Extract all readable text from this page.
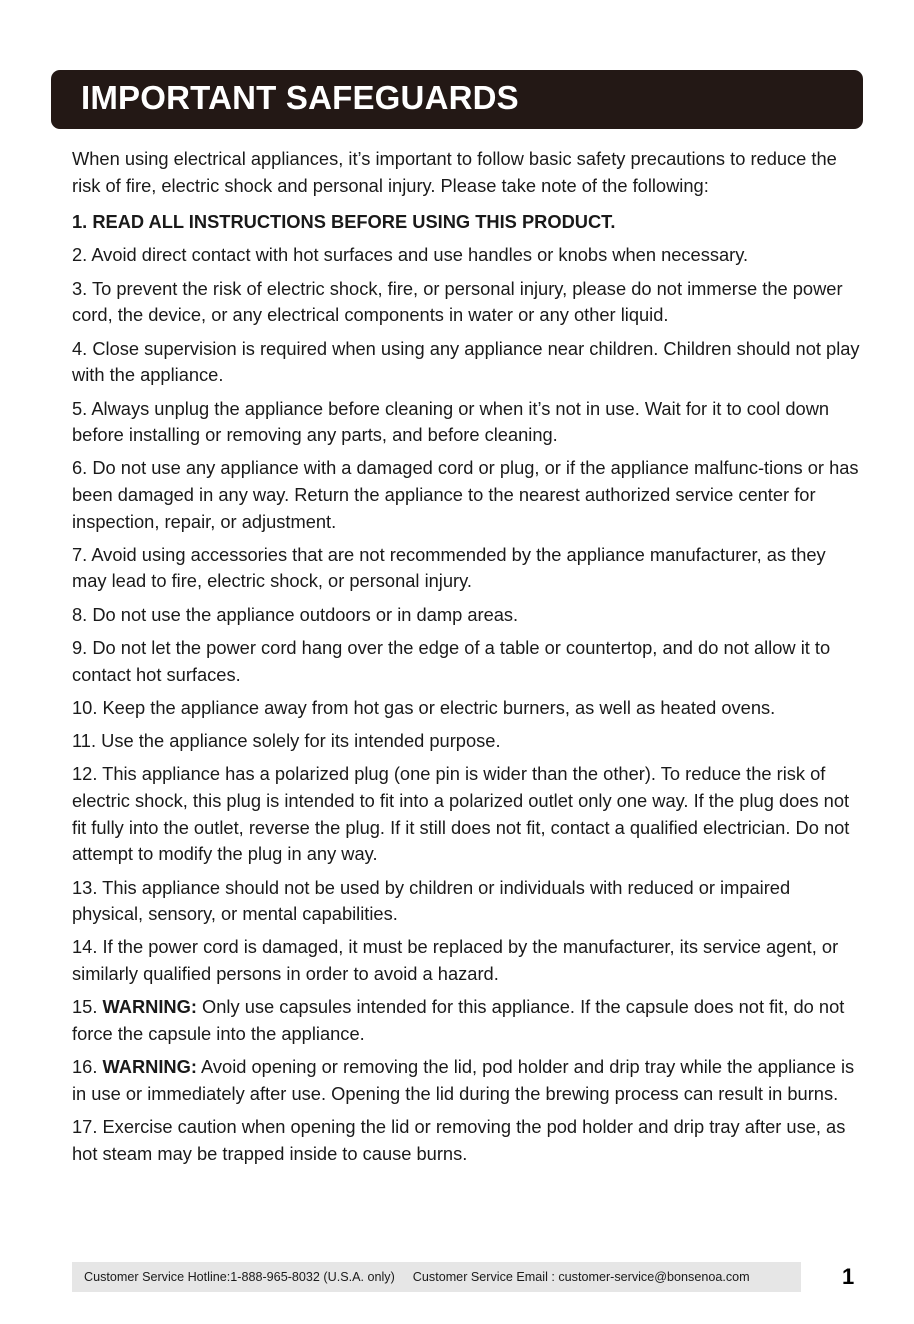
IMPORTANT SAFEGUARDS

When using electrical appliances, it’s important to follow basic safety precautions to reduce the risk of fire, electric shock and personal injury. Please take note of the following:

1. READ ALL INSTRUCTIONS BEFORE USING THIS PRODUCT.

2. Avoid direct contact with hot surfaces and use handles or knobs when necessary.

3. To prevent the risk of electric shock, fire, or personal injury, please do not immerse the power cord, the device, or any electrical components in water or any other liquid.

4. Close supervision is required when using any appliance near children. Children should not play with the appliance.

5. Always unplug the appliance before cleaning or when it’s not in use. Wait for it to cool down before installing or removing any parts, and before cleaning.

6. Do not use any appliance with a damaged cord or plug, or if the appliance malfunc-tions or has been damaged in any way. Return the appliance to the nearest authorized service center for inspection, repair, or adjustment.

7. Avoid using accessories that are not recommended by the appliance manufacturer, as they may lead to fire, electric shock, or personal injury.

8. Do not use the appliance outdoors or in damp areas.

9. Do not let the power cord hang over the edge of a table or countertop, and do not allow it to contact hot surfaces.

10. Keep the appliance away from hot gas or electric burners, as well as heated ovens.

11. Use the appliance solely for its intended purpose.

12. This appliance has a polarized plug (one pin is wider than the other). To reduce the risk of electric shock, this plug is intended to fit into a polarized outlet only one way. If the plug does not fit fully into the outlet, reverse the plug. If it still does not fit, contact a qualified electrician. Do not attempt to modify the plug in any way.

13. This appliance should not be used by children or individuals with reduced or impaired physical, sensory, or mental capabilities.

14. If the power cord is damaged, it must be replaced by the manufacturer, its service agent, or similarly qualified persons in order to avoid a hazard.

15. WARNING: Only use capsules intended for this appliance. If the capsule does not fit, do not force the capsule into the appliance.

16. WARNING: Avoid opening or removing the lid, pod holder and drip tray while the appliance is in use or immediately after use. Opening the lid during the brewing process can result in burns.

17. Exercise caution when opening the lid or removing the pod holder and drip tray after use, as hot steam may be trapped inside to cause burns.

Customer Service Hotline:1-888-965-8032 (U.S.A. only) Customer Service Email : customer-service@bonsenoa.com	1
